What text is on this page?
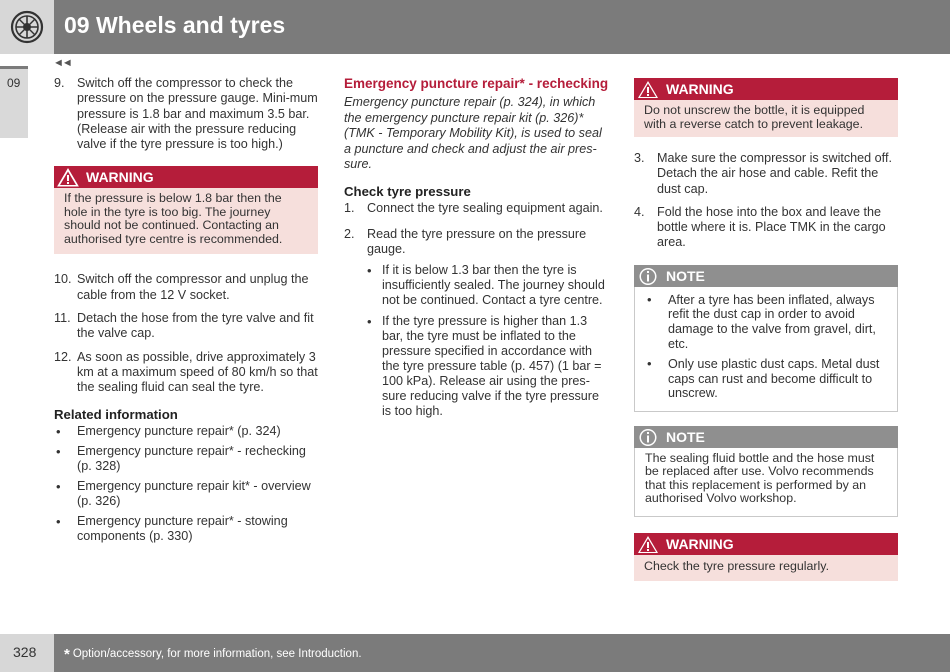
09 Wheels and tyres
09
◄◄
9. Switch off the compressor to check the pressure on the pressure gauge. Mini-mum pressure is 1.8 bar and maximum 3.5 bar. (Release air with the pressure reducing valve if the tyre pressure is too high.)
WARNING
If the pressure is below 1.8 bar then the hole in the tyre is too big. The journey should not be continued. Contacting an authorised tyre centre is recommended.
10. Switch off the compressor and unplug the cable from the 12 V socket.
11. Detach the hose from the tyre valve and fit the valve cap.
12. As soon as possible, drive approximately 3 km at a maximum speed of 80 km/h so that the sealing fluid can seal the tyre.
Related information
• Emergency puncture repair* (p. 324)
• Emergency puncture repair* - rechecking (p. 328)
• Emergency puncture repair kit* - overview (p. 326)
• Emergency puncture repair* - stowing components (p. 330)
Emergency puncture repair* - rechecking
Emergency puncture repair (p. 324), in which the emergency puncture repair kit (p. 326)* (TMK - Temporary Mobility Kit), is used to seal a puncture and check and adjust the air pres-sure.
Check tyre pressure
1. Connect the tyre sealing equipment again.
2. Read the tyre pressure on the pressure gauge.
• If it is below 1.3 bar then the tyre is insufficiently sealed. The journey should not be continued. Contact a tyre centre.
• If the tyre pressure is higher than 1.3 bar, the tyre must be inflated to the pressure specified in accordance with the tyre pressure table (p. 457) (1 bar = 100 kPa). Release air using the pres-sure reducing valve if the tyre pressure is too high.
WARNING
Do not unscrew the bottle, it is equipped with a reverse catch to prevent leakage.
3. Make sure the compressor is switched off. Detach the air hose and cable. Refit the dust cap.
4. Fold the hose into the box and leave the bottle where it is. Place TMK in the cargo area.
NOTE
• After a tyre has been inflated, always refit the dust cap in order to avoid damage to the valve from gravel, dirt, etc.
• Only use plastic dust caps. Metal dust caps can rust and become difficult to unscrew.
NOTE
The sealing fluid bottle and the hose must be replaced after use. Volvo recommends that this replacement is performed by an authorised Volvo workshop.
WARNING
Check the tyre pressure regularly.
328 * Option/accessory, for more information, see Introduction.
